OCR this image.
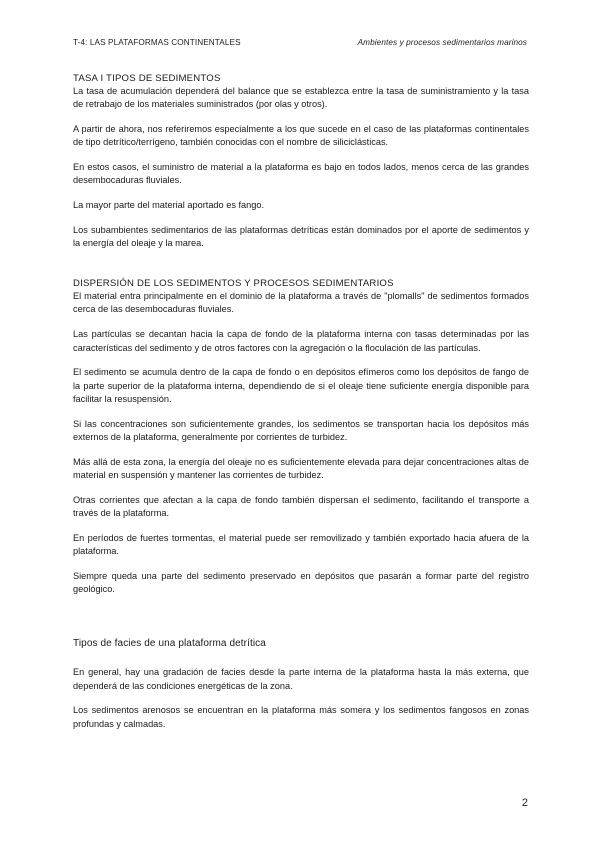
T-4: LAS PLATAFORMAS CONTINENTALES	Ambientes y procesos sedimentarios marinos

TASA I TIPOS DE SEDIMENTOS

La tasa de acumulación dependerá del balance que se establezca entre la tasa de suministramiento y la tasa de retrabajo de los materiales suministrados (por olas y otros).

A partir de ahora, nos referiremos especialmente a los que sucede en el caso de las plataformas continentales de tipo detrítico/terrígeno, también conocidas con el nombre de siliciclásticas.

En estos casos, el suministro de material a la plataforma es bajo en todos lados, menos cerca de las grandes desembocaduras fluviales.

La mayor parte del material aportado es fango.

Los subambientes sedimentarios de las plataformas detríticas están dominados por el aporte de sedimentos y la energía del oleaje y la marea.

DISPERSIÓN DE LOS SEDIMENTOS Y PROCESOS SEDIMENTARIOS

El material entra principalmente en el dominio de la plataforma a través de "plomalls" de sedimentos formados cerca de las desembocaduras fluviales.

Las partículas se decantan hacia la capa de fondo de la plataforma interna con tasas determinadas por las características del sedimento y de otros factores con la agregación o la floculación de las partículas.

El sedimento se acumula dentro de la capa de fondo o en depósitos efímeros como los depósitos de fango de la parte superior de la plataforma interna, dependiendo de si el oleaje tiene suficiente energía disponible para facilitar la resuspensión.

Si las concentraciones son suficientemente grandes, los sedimentos se transportan hacia los depósitos más externos de la plataforma, generalmente por corrientes de turbidez.

Más allá de esta zona, la energía del oleaje no es suficientemente elevada para dejar concentraciones altas de material en suspensión y mantener las corrientes de turbidez.

Otras corrientes que afectan a la capa de fondo también dispersan el sedimento, facilitando el transporte a través de la plataforma.

En períodos de fuertes tormentas, el material puede ser removilizado y también exportado hacia afuera de la plataforma.

Siempre queda una parte del sedimento preservado en depósitos que pasarán a formar parte del registro geológico.

Tipos de facies de una plataforma detrítica

En general, hay una gradación de facies desde la parte interna de la plataforma hasta la más externa, que dependerá de las condiciones energéticas de la zona.

Los sedimentos arenosos se encuentran en la plataforma más somera y los sedimentos fangosos en zonas profundas y calmadas.

2
